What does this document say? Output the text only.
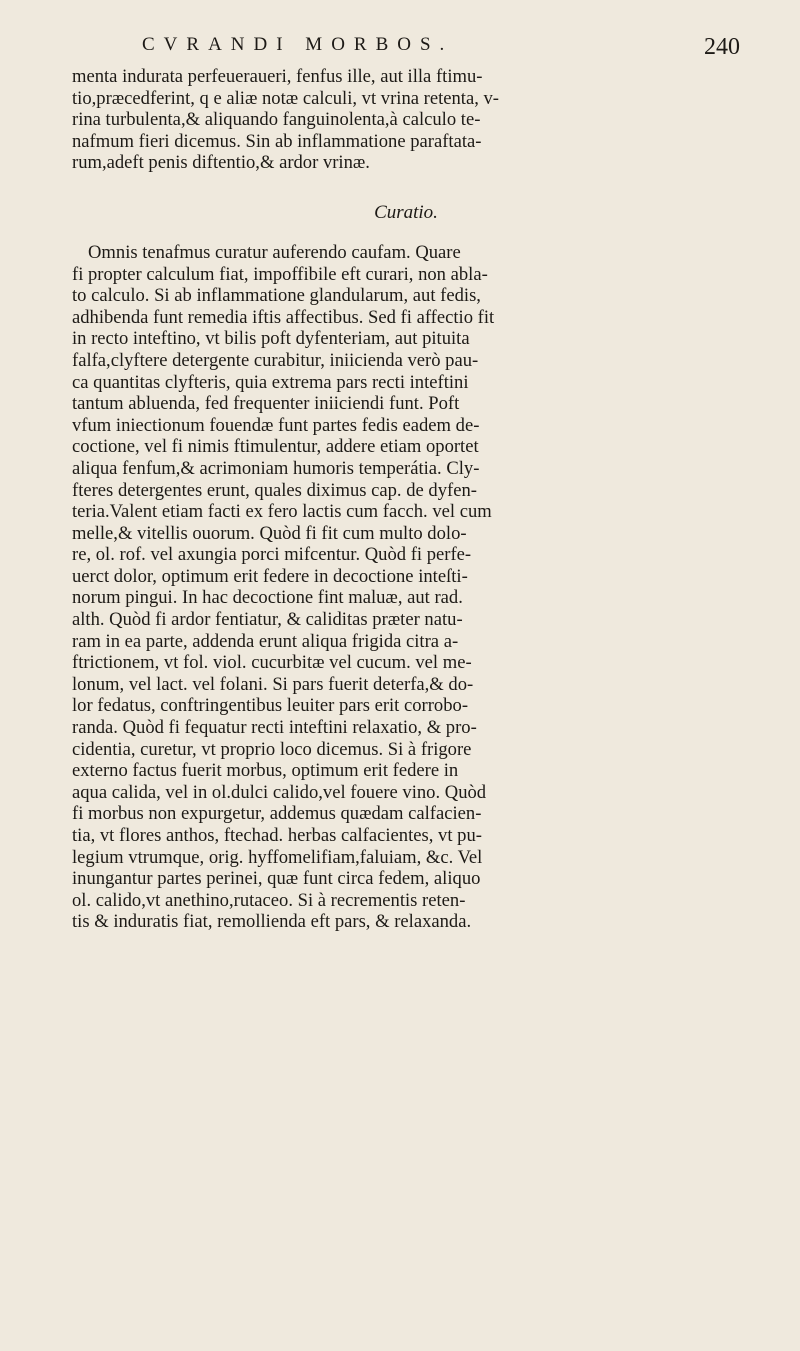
CVRANDI MORBOS.	240

menta indurata perfeueraueri, fenfus ille, aut illa ftimu-
tio,præcedferint, q e aliæ notæ calculi, vt vrina retenta, v-
rina turbulenta,& aliquando fanguinolenta,à calculo te-
nafmum fieri dicemus. Sin ab inflammatione paraftata-
rum,adeft penis diftentio,& ardor vrinæ.

Curatio.

Omnis tenafmus curatur auferendo caufam. Quare
fi propter calculum fiat, impoffibile eft curari, non ablа-
to calculo. Si ab inflammatione glandularum, aut fedis,
adhibenda funt remedia iftis affectibus. Sed fi affectio fit
in recto inteftino, vt bilis poft dyfenteriam, aut pituita
falfa,clyftere detergente curabitur, iniicienda verò pau-
ca quantitas clyfteris, quia extrema pars recti inteftini
tantum abluenda, fed frequenter iniiciendi funt. Poft
vfum iniectionum fouendæ funt partes fedis eadem de-
coctione, vel fi nimis ftimulentur, addere etiam oportet
aliqua fenfum,& acrimoniam humoris temperátia. Cly-
fteres detergentes erunt, quales diximus cap. de dyfen-
teria.Valent etiam facti ex fero lactis cum facch. vel cum
melle,& vitellis ouorum. Quòd fi fit cum multo dolo-
re, ol. rof. vel axungia porci mifcentur. Quòd fi perfe-
uerct dolor, optimum erit federe in decoctione inteſti-
norum pingui. In hac decoctione fint maluæ, aut rad.
alth. Quòd fi ardor fentiatur, & caliditas præter natu-
ram in ea parte, addenda erunt aliqua frigida citra a-
ftrictionem, vt fol. viol. cucurbitæ vel cucum. vel me-
lonum, vel lact. vel folani. Si pars fuerit deterfa,& do-
lor fedatus, conftringentibus leuiter pars erit corrobo-
randa. Quòd fi fequatur recti inteftini relaxatio, & pro-
cidentia, curetur, vt proprio loco dicemus. Si à frigore
externo factus fuerit morbus, optimum erit federe in
aqua calida, vel in ol.dulci calido,vel fouere vino. Quòd
fi morbus non expurgetur, addemus quædam calfacien-
tia, vt flores anthos, ftechad. herbas calfacientes, vt pu-
legium vtrumque, orig. hyffomelifiam,faluiam, &c. Vel
inungantur partes perinei, quæ funt circa fedem, aliquo
ol. calido,vt anethino,rutaceo. Si à recrementis reten-
tis & induratis fiat, remollienda eft pars, & relaxanda.
